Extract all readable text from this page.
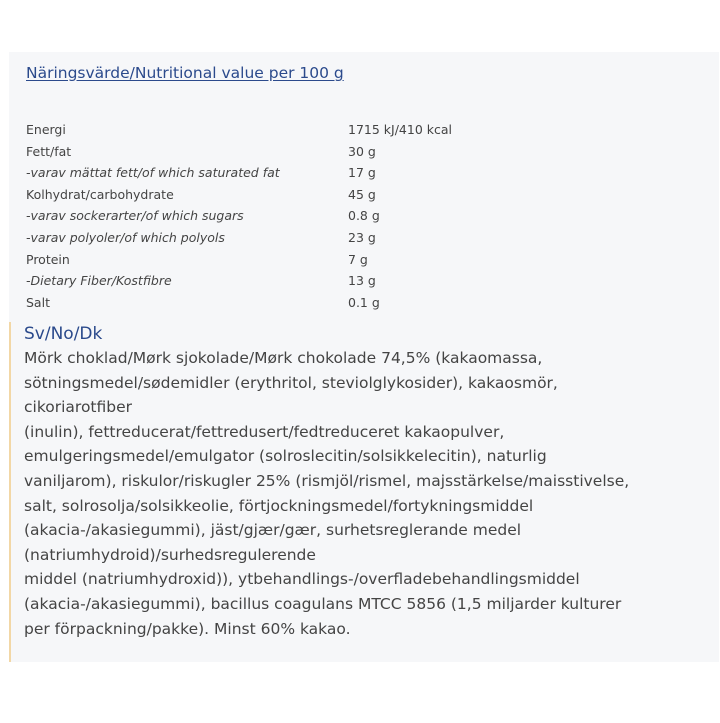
Näringsvärde/Nutritional value per 100 g
Energi	1715 kJ/410 kcal
Fett/fat	30 g
-varav mättat fett/of which saturated fat	17 g
Kolhydrat/carbohydrate	45 g
-varav sockerarter/of which sugars	0.8 g
-varav polyoler/of which polyols	23 g
Protein	7 g
-Dietary Fiber/Kostfibre	13 g
Salt	0.1 g
Sv/No/Dk
Mörk choklad/Mørk sjokolade/Mørk chokolade 74,5% (kakaomassa,
sötningsmedel/sødemidler (erythritol, steviolglykosider), kakaosmör,
cikoriarotfiber
(inulin), fettreducerat/fettredusert/fedtreduceret kakaopulver,
emulgeringsmedel/emulgator (solroslecitin/solsikkelecitin), naturlig
vaniljarom), riskulor/riskugler 25% (rismjöl/rismel, majsstärkelse/maisstivelse,
salt, solrosolja/solsikkeolie, förtjockningsmedel/fortykningsmiddel
(akacia-/akasiegummi), jäst/gjær/gær, surhetsreglerande medel
(natriumhydroid)/surhedsregulerende
middel (natriumhydroxid)), ytbehandlings-/overfladebehandlingsmiddel
(akacia-/akasiegummi), bacillus coagulans MTCC 5856 (1,5 miljarder kulturer
per förpackning/pakke). Minst 60% kakao.
